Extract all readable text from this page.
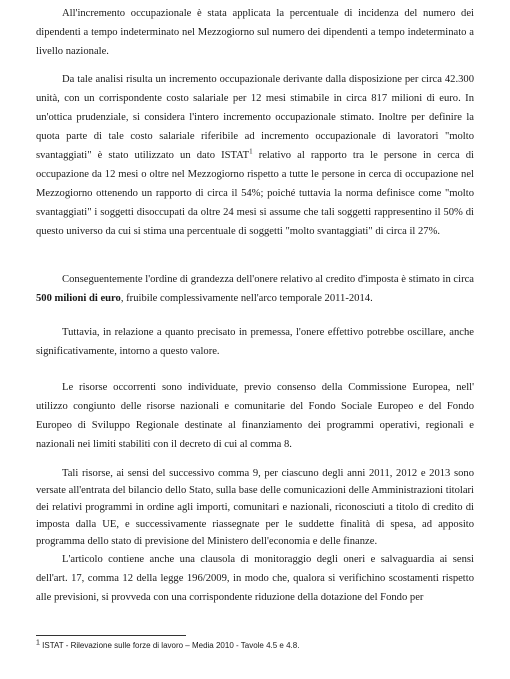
All'incremento occupazionale è stata applicata la percentuale di incidenza del numero dei dipendenti a tempo indeterminato nel Mezzogiorno sul numero dei dipendenti a tempo indeterminato a livello nazionale.

Da tale analisi risulta un incremento occupazionale derivante dalla disposizione per circa 42.300 unità, con un corrispondente costo salariale per 12 mesi stimabile in circa 817 milioni di euro. In un'ottica prudenziale, si considera l'intero incremento occupazionale stimato. Inoltre per definire la quota parte di tale costo salariale riferibile ad incremento occupazionale di lavoratori "molto svantaggiati" è stato utilizzato un dato ISTAT$^1$ relativo al rapporto tra le persone in cerca di occupazione da 12 mesi o oltre nel Mezzogiorno rispetto a tutte le persone in cerca di occupazione nel Mezzogiorno ottenendo un rapporto di circa il 54%; poiché tuttavia la norma definisce come "molto svantaggiati" i soggetti disoccupati da oltre 24 mesi si assume che tali soggetti rappresentino il 50% di questo universo da cui si stima una percentuale di soggetti "molto svantaggiati" di circa il 27%.

Conseguentemente l'ordine di grandezza dell'onere relativo al credito d'imposta è stimato in circa 500 milioni di euro, fruibile complessivamente nell'arco temporale 2011-2014.

Tuttavia, in relazione a quanto precisato in premessa, l'onere effettivo potrebbe oscillare, anche significativamente, intorno a questo valore.

Le risorse occorrenti sono individuate, previo consenso della Commissione Europea, nell' utilizzo congiunto delle risorse nazionali e comunitarie del Fondo Sociale Europeo e del Fondo Europeo di Sviluppo Regionale destinate al finanziamento dei programmi operativi, regionali e nazionali nei limiti stabiliti con il decreto di cui al comma 8.

Tali risorse, ai sensi del successivo comma 9, per ciascuno degli anni 2011, 2012 e 2013 sono versate all'entrata del bilancio dello Stato, sulla base delle comunicazioni delle Amministrazioni titolari dei relativi programmi in ordine agli importi, comunitari e nazionali, riconosciuti a titolo di credito di imposta dalla UE, e successivamente riassegnate per le suddette finalità di spesa, ad apposito programma dello stato di previsione del Ministero dell'economia e delle finanze.

L'articolo contiene anche una clausola di monitoraggio degli oneri e salvaguardia ai sensi dell'art. 17, comma 12 della legge 196/2009, in modo che, qualora si verifichino scostamenti rispetto alle previsioni, si provveda con una corrispondente riduzione della dotazione del Fondo per

$^1$ ISTAT - Rilevazione sulle forze di lavoro – Media 2010 - Tavole 4.5 e 4.8.
